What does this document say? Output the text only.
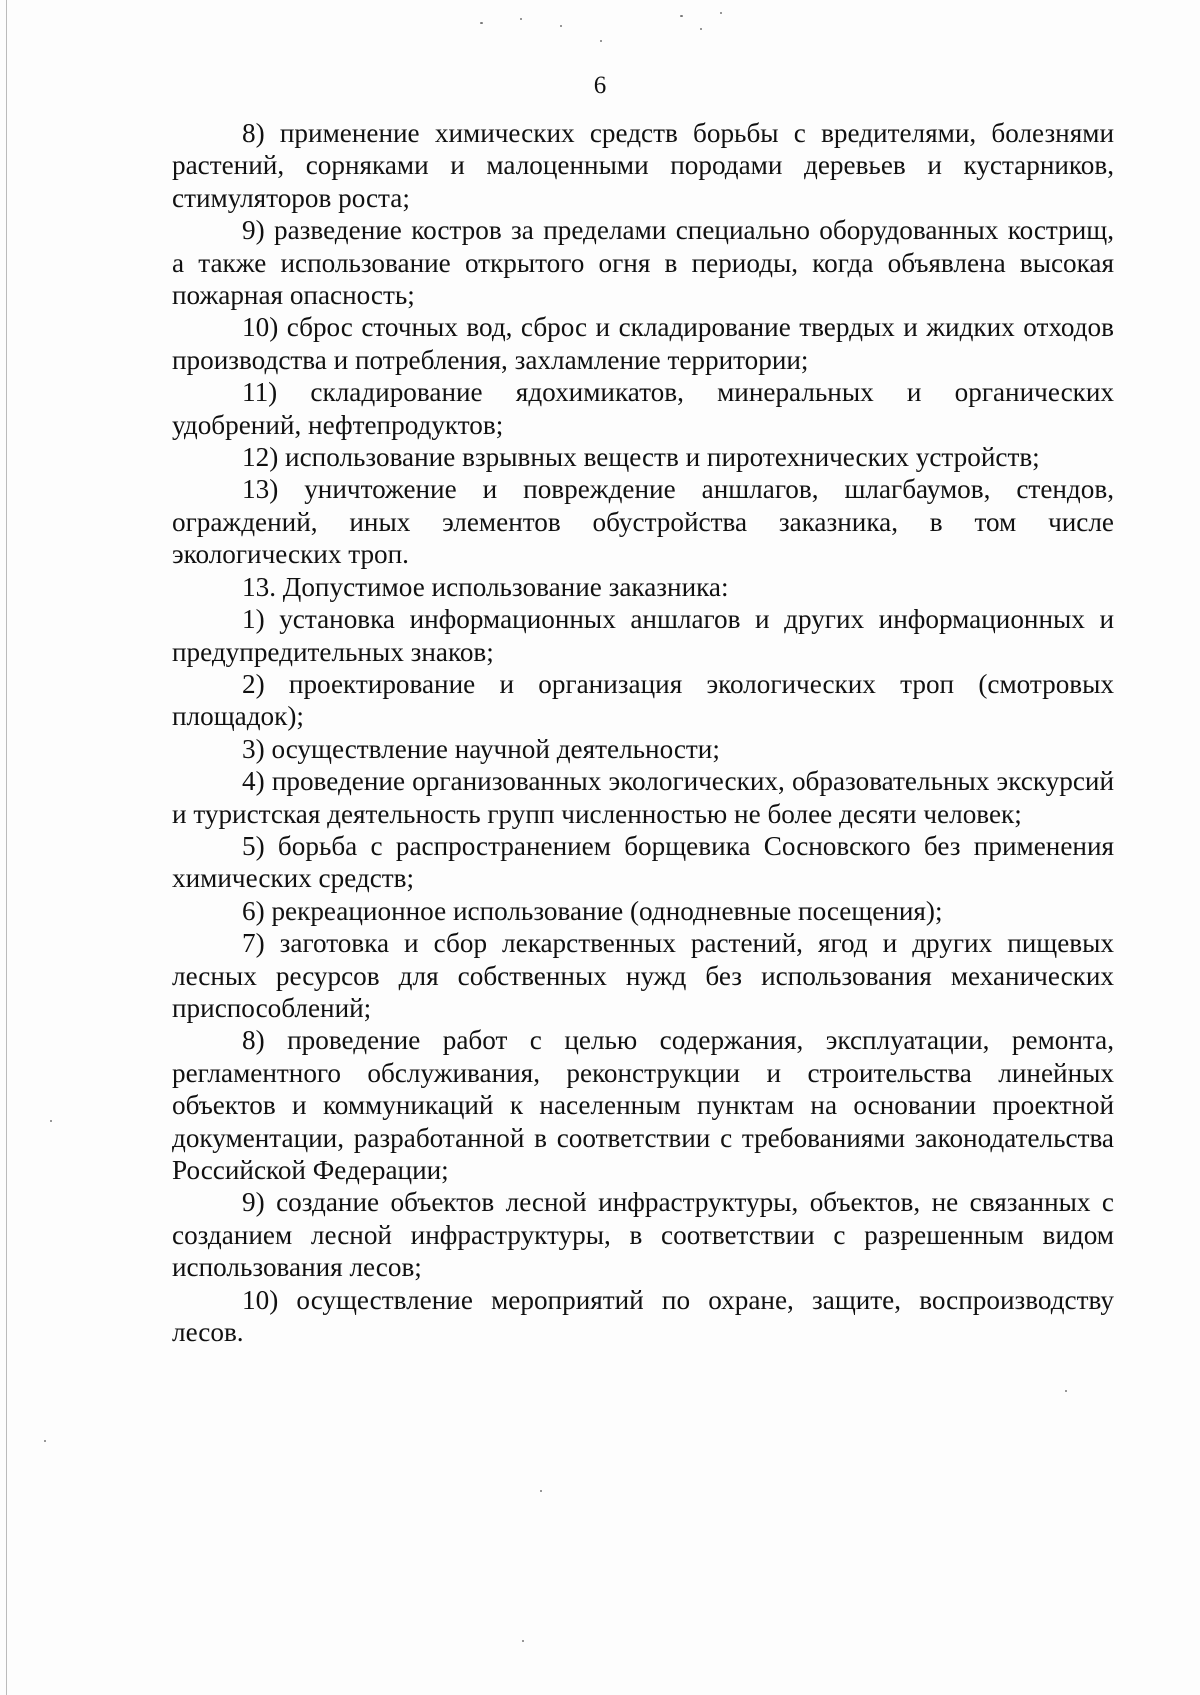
6

8) применение химических средств борьбы с вредителями, болезнями растений, сорняками и малоценными породами деревьев и кустарников, стимуляторов роста;

9) разведение костров за пределами специально оборудованных кострищ, а также использование открытого огня в периоды, когда объявлена высокая пожарная опасность;

10) сброс сточных вод, сброс и складирование твердых и жидких отходов производства и потребления, захламление территории;

11) складирование ядохимикатов, минеральных и органических удобрений, нефтепродуктов;

12) использование взрывных веществ и пиротехнических устройств;

13) уничтожение и повреждение аншлагов, шлагбаумов, стендов, ограждений, иных элементов обустройства заказника, в том числе экологических троп.

13. Допустимое использование заказника:

1) установка информационных аншлагов и других информационных и предупредительных знаков;

2) проектирование и организация экологических троп (смотровых площадок);

3) осуществление научной деятельности;

4) проведение организованных экологических, образовательных экскурсий и туристская деятельность групп численностью не более десяти человек;

5) борьба с распространением борщевика Сосновского без применения химических средств;

6) рекреационное использование (однодневные посещения);

7) заготовка и сбор лекарственных растений, ягод и других пищевых лесных ресурсов для собственных нужд без использования механических приспособлений;

8) проведение работ с целью содержания, эксплуатации, ремонта, регламентного обслуживания, реконструкции и строительства линейных объектов и коммуникаций к населенным пунктам на основании проектной документации, разработанной в соответствии с требованиями законодательства Российской Федерации;

9) создание объектов лесной инфраструктуры, объектов, не связанных с созданием лесной инфраструктуры, в соответствии с разрешенным видом использования лесов;

10) осуществление мероприятий по охране, защите, воспроизводству лесов.
